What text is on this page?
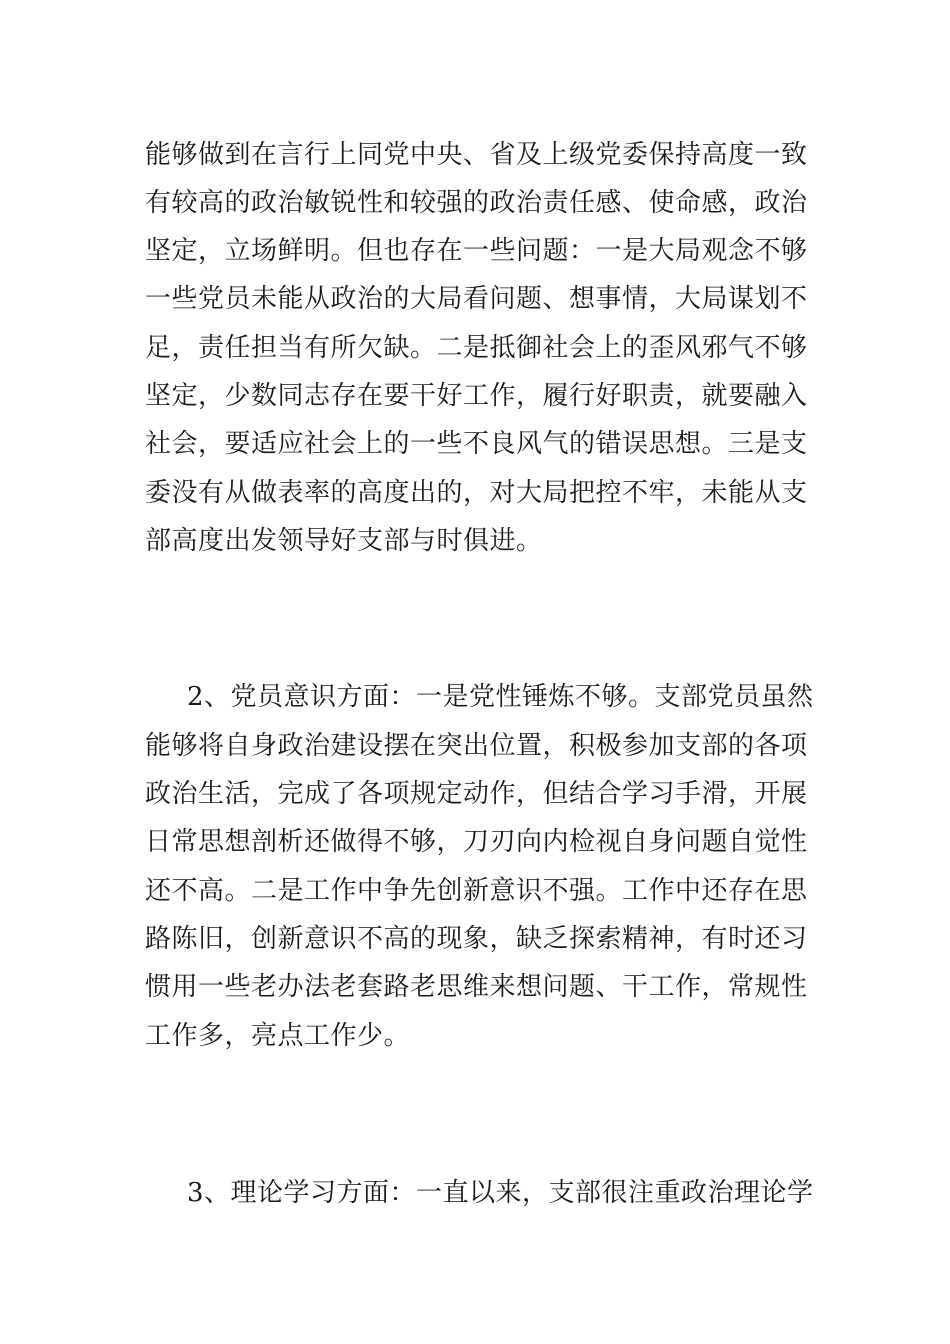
能够做到在言行上同党中央、省及上级党委保持高度一致

有较高的政治敏锐性和较强的政治责任感、使命感，政治

坚定，立场鲜明。但也存在一些问题：一是大局观念不够

一些党员未能从政治的大局看问题、想事情，大局谋划不

足，责任担当有所欠缺。二是抵御社会上的歪风邪气不够

坚定，少数同志存在要干好工作，履行好职责，就要融入

社会，要适应社会上的一些不良风气的错误思想。三是支

委没有从做表率的高度出的，对大局把控不牢，未能从支

部高度出发领导好支部与时俱进。

2、党员意识方面：一是党性锤炼不够。支部党员虽然

能够将自身政治建设摆在突出位置，积极参加支部的各项

政治生活，完成了各项规定动作，但结合学习手滑，开展

日常思想剖析还做得不够，刀刃向内检视自身问题自觉性

还不高。二是工作中争先创新意识不强。工作中还存在思

路陈旧，创新意识不高的现象，缺乏探索精神，有时还习

惯用一些老办法老套路老思维来想问题、干工作，常规性

工作多，亮点工作少。

3、理论学习方面：一直以来，支部很注重政治理论学
